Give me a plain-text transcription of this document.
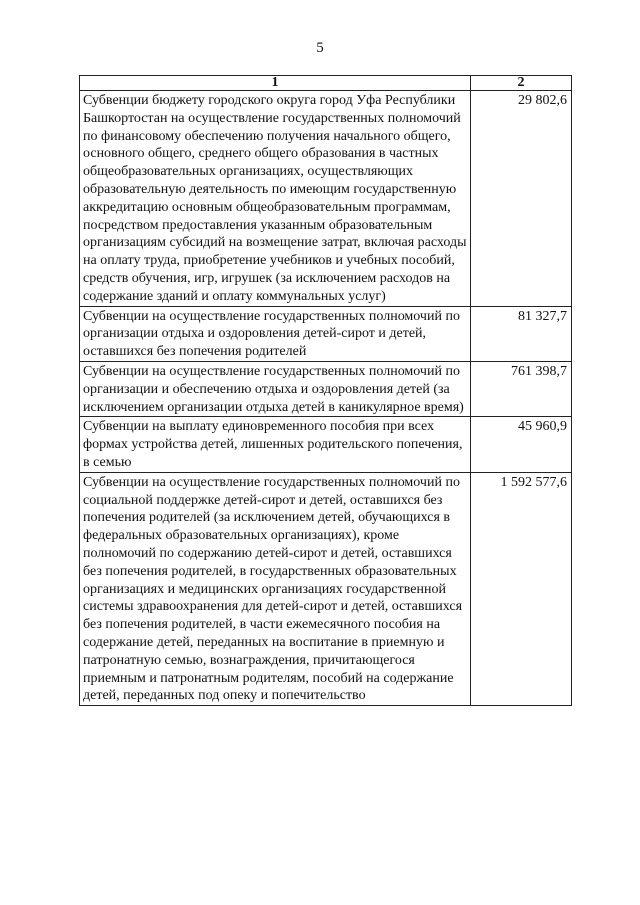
5
1	2
Субвенции бюджету городского округа город Уфа Республики Башкортостан на осуществление государственных полномочий по финансовому обеспечению получения начального общего, основного общего, среднего общего образования в частных общеобразовательных организациях, осуществляющих образовательную деятельность по имеющим государственную аккредитацию основным общеобразовательным программам, посредством предоставления указанным образовательным организациям субсидий на возмещение затрат, включая расходы на оплату труда, приобретение учебников и учебных пособий, средств обучения, игр, игрушек (за исключением расходов на содержание зданий и оплату коммунальных услуг)	29 802,6
Субвенции на осуществление государственных полномочий по организации отдыха и оздоровления детей-сирот и детей, оставшихся без попечения родителей	81 327,7
Субвенции на осуществление государственных полномочий по организации и обеспечению отдыха и оздоровления детей (за исключением организации отдыха детей в каникулярное время)	761 398,7
Субвенции на выплату единовременного пособия при всех формах устройства детей, лишенных родительского попечения, в семью	45 960,9
Субвенции на осуществление государственных полномочий по социальной поддержке детей-сирот и детей, оставшихся без попечения родителей (за исключением детей, обучающихся в федеральных образовательных организациях), кроме полномочий по содержанию детей-сирот и детей, оставшихся без попечения родителей, в государственных образовательных организациях и медицинских организациях государственной системы здравоохранения для детей-сирот и детей, оставшихся без попечения родителей, в части ежемесячного пособия на содержание детей, переданных на воспитание в приемную и патронатную семью, вознаграждения, причитающегося приемным и патронатным родителям, пособий на содержание детей, переданных под опеку и попечительство	1 592 577,6
